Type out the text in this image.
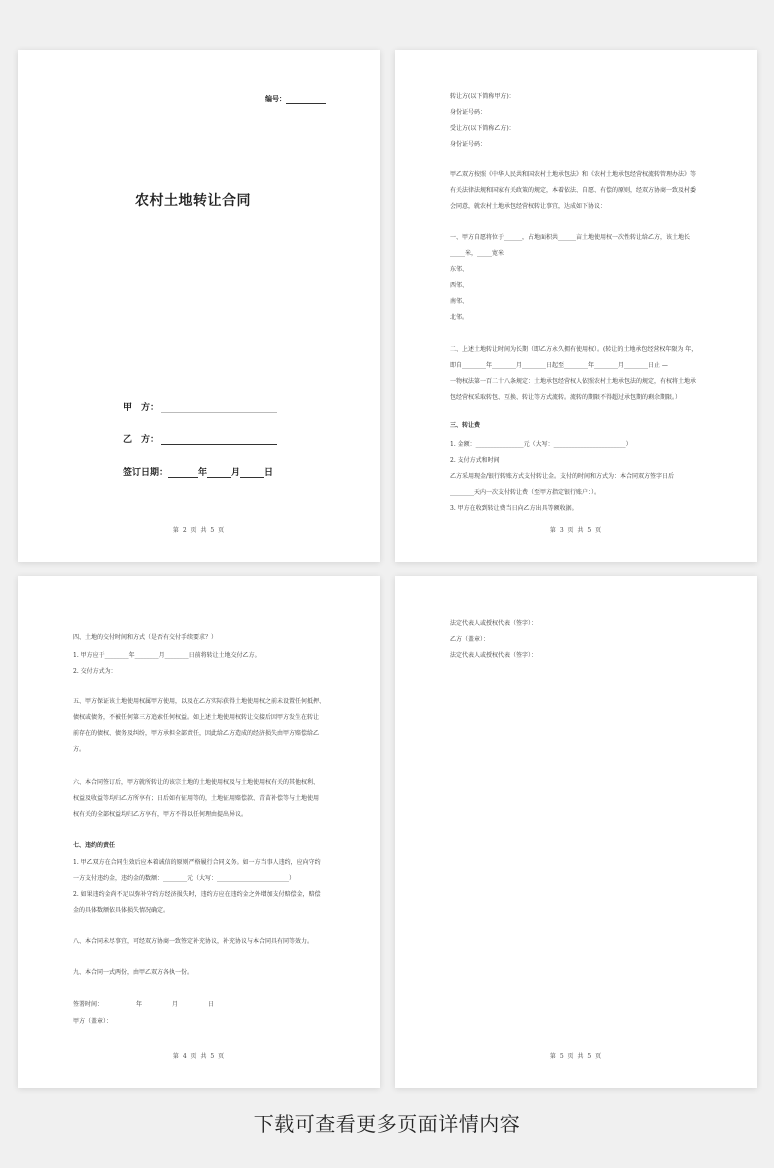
编号：
农村土地转让合同
甲　方：
乙　方：
签订日期：	年	月	日
第 2 页 共 5 页
转让方(以下简称甲方)：
身份证号码：
受让方(以下简称乙方)：
身份证号码：
甲乙双方按照《中华人民共和国农村土地承包法》和《农村土地承包经营权流转管理办法》等
有关法律法规和国家有关政策的规定，本着依法、自愿、有偿的原则，经双方协商一致及村委
会同意，就农村土地承包经营权转让事宜，达成如下协议：
一、甲方自愿将位于______，占地面积共______亩土地使用权一次性转让给乙方，该土地长
_____米，_____宽米
东邻、
西邻、
南邻、
北邻。
二、上述土地转让时间为长期（即乙方永久拥有使用权）。(转让的土地承包经营权年限为 年，
即自________年________月________日起至________年________月________日止 —
一物权法第一百二十八条规定：土地承包经营权人依照农村土地承包法的规定，有权将土地承
包经营权采取转包、互换、转让等方式流转。流转的期限不得超过承包期的剩余期限。）
三、转让费
1. 金额：________________元（大写：________________________）
2. 支付方式和时间
乙方采用现金/银行转账方式支付转让金。支付的时间和方式为：本合同双方签字日后
________天内一次支付转让费（至甲方指定银行账户：）。
3. 甲方在收到转让费当日向乙方出具等额收据。
第 3 页 共 5 页
四、土地的交付时间和方式（是否有交付手续要求？）
1. 甲方应于________年________月________日前将转让土地交付乙方。
2. 交付方式为：
五、甲方保证该土地使用权属甲方使用，以及在乙方实际获得土地使用权之前未设置任何抵押、
债权或债务，不被任何第三方追索任何权益。如上述土地使用权转让交接后因甲方发生在转让
前存在的债权、债务及纠纷，甲方承担全部责任，因此给乙方造成的经济损失由甲方赔偿给乙
方。
六、本合同签订后，甲方就所转让的该宗土地的土地使用权及与土地使用权有关的其他权利、
权益及收益等均归乙方所享有；日后如有征用等的，土地征用赔偿款、青苗补偿等与土地使用
权有关的全部权益均归乙方享有，甲方不得以任何理由提出异议。
七、违约的责任
1. 甲乙双方在合同生效后应本着诚信的原则严格履行合同义务。如一方当事人违约，应向守约
一方支付违约金，违约金的数额：________元（大写：________________________）
2. 如果违约金尚不足以弥补守约方经济损失时，违约方应在违约金之外增加支付赔偿金，赔偿
金的具体数额依具体损失情况确定。
八、本合同未尽事宜，可经双方协商一致签定补充协议，补充协议与本合同具有同等效力。
九、本合同一式两份，由甲乙双方各执一份。
签署时间：　　　　　　年　　　　　月　　　　　日
甲方（盖章）：
第 4 页 共 5 页
法定代表人或授权代表（签字）：
乙方（盖章）：
法定代表人或授权代表（签字）：
第 5 页 共 5 页
下载可查看更多页面详情内容
